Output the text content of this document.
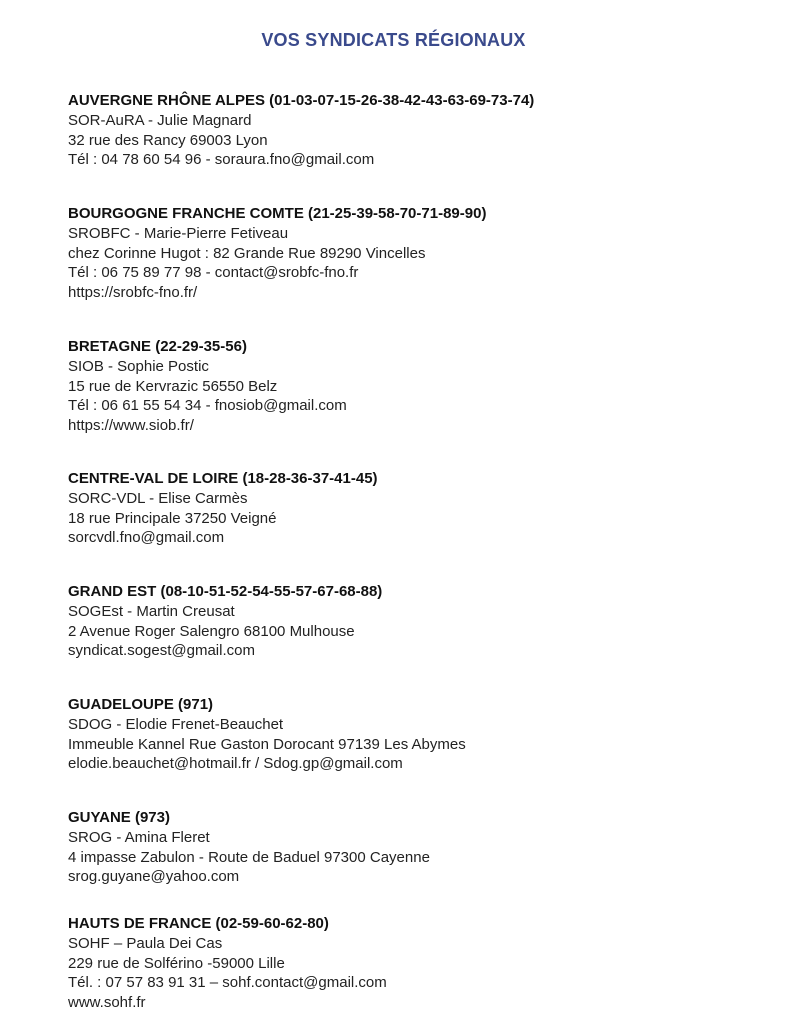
VOS SYNDICATS RÉGIONAUX
AUVERGNE RHÔNE ALPES (01-03-07-15-26-38-42-43-63-69-73-74)
SOR-AuRA - Julie Magnard
32 rue des Rancy 69003 Lyon
Tél : 04 78 60 54 96 - soraura.fno@gmail.com
BOURGOGNE FRANCHE COMTE (21-25-39-58-70-71-89-90)
SROBFC - Marie-Pierre Fetiveau
chez Corinne Hugot : 82 Grande Rue 89290 Vincelles
Tél : 06 75 89 77 98 - contact@srobfc-fno.fr
https://srobfc-fno.fr/
BRETAGNE (22-29-35-56)
SIOB - Sophie Postic
15 rue de Kervrazic 56550 Belz
Tél : 06 61 55 54 34 - fnosiob@gmail.com
https://www.siob.fr/
CENTRE-VAL DE LOIRE (18-28-36-37-41-45)
SORC-VDL - Elise Carmès
18 rue Principale 37250 Veigné
sorcvdl.fno@gmail.com
GRAND EST (08-10-51-52-54-55-57-67-68-88)
SOGEst - Martin Creusat
2 Avenue Roger Salengro 68100 Mulhouse
syndicat.sogest@gmail.com
GUADELOUPE (971)
SDOG - Elodie Frenet-Beauchet
Immeuble Kannel Rue Gaston Dorocant 97139 Les Abymes
elodie.beauchet@hotmail.fr / Sdog.gp@gmail.com
GUYANE (973)
SROG - Amina Fleret
4 impasse Zabulon - Route de Baduel 97300 Cayenne
srog.guyane@yahoo.com
HAUTS DE FRANCE (02-59-60-62-80)
SOHF – Paula Dei Cas
229 rue de Solférino -59000 Lille
Tél. : 07 57 83 91 31 – sohf.contact@gmail.com
www.sohf.fr
